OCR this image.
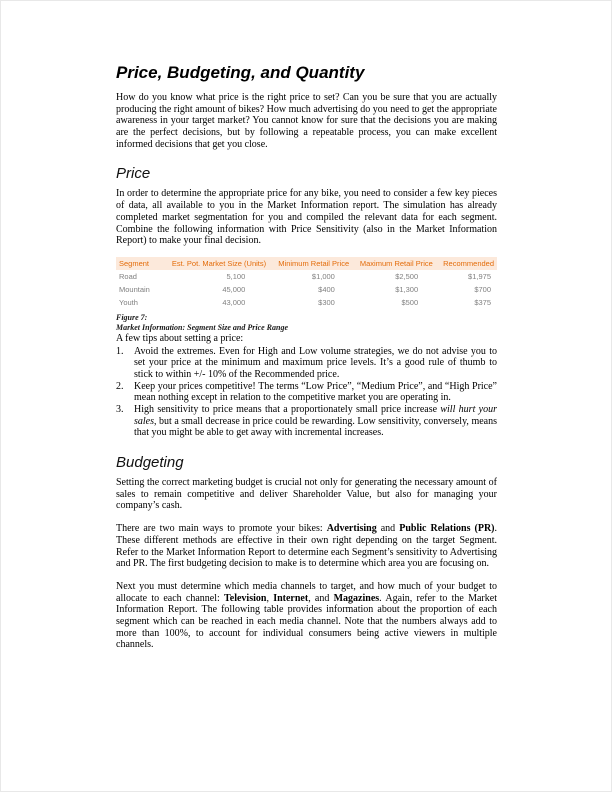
Price, Budgeting, and Quantity

How do you know what price is the right price to set? Can you be sure that you are actually producing the right amount of bikes? How much advertising do you need to get the appropriate awareness in your target market? You cannot know for sure that the decisions you are making are the perfect decisions, but by following a repeatable process, you can make excellent informed decisions that get you close.

Price

In order to determine the appropriate price for any bike, you need to consider a few key pieces of data, all available to you in the Market Information report. The simulation has already completed market segmentation for you and compiled the relevant data for each segment. Combine the following information with Price Sensitivity (also in the Market Information Report) to make your final decision.

Segment	Est. Pot. Market Size (Units)	Minimum Retail Price	Maximum Retail Price	Recommended
Road	5,100	$1,000	$2,500	$1,975
Mountain	45,000	$400	$1,300	$700
Youth	43,000	$300	$500	$375
Figure 7:
Market Information: Segment Size and Price Range

A few tips about setting a price:

1.	Avoid the extremes. Even for High and Low volume strategies, we do not advise you to set your price at the minimum and maximum price levels. It’s a good rule of thumb to stick to within +/- 10% of the Recommended price.
2.	Keep your prices competitive! The terms “Low Price”, “Medium Price”, and “High Price” mean nothing except in relation to the competitive market you are operating in.
3.	High sensitivity to price means that a proportionately small price increase will hurt your sales, but a small decrease in price could be rewarding. Low sensitivity, conversely, means that you might be able to get away with incremental increases.
Budgeting

Setting the correct marketing budget is crucial not only for generating the necessary amount of sales to remain competitive and deliver Shareholder Value, but also for managing your company’s cash.

There are two main ways to promote your bikes: Advertising and Public Relations (PR). These different methods are effective in their own right depending on the target Segment. Refer to the Market Information Report to determine each Segment’s sensitivity to Advertising and PR. The first budgeting decision to make is to determine which area you are focusing on.

Next you must determine which media channels to target, and how much of your budget to allocate to each channel: Television, Internet, and Magazines. Again, refer to the Market Information Report. The following table provides information about the proportion of each segment which can be reached in each media channel. Note that the numbers always add to more than 100%, to account for individual consumers being active viewers in multiple channels.
